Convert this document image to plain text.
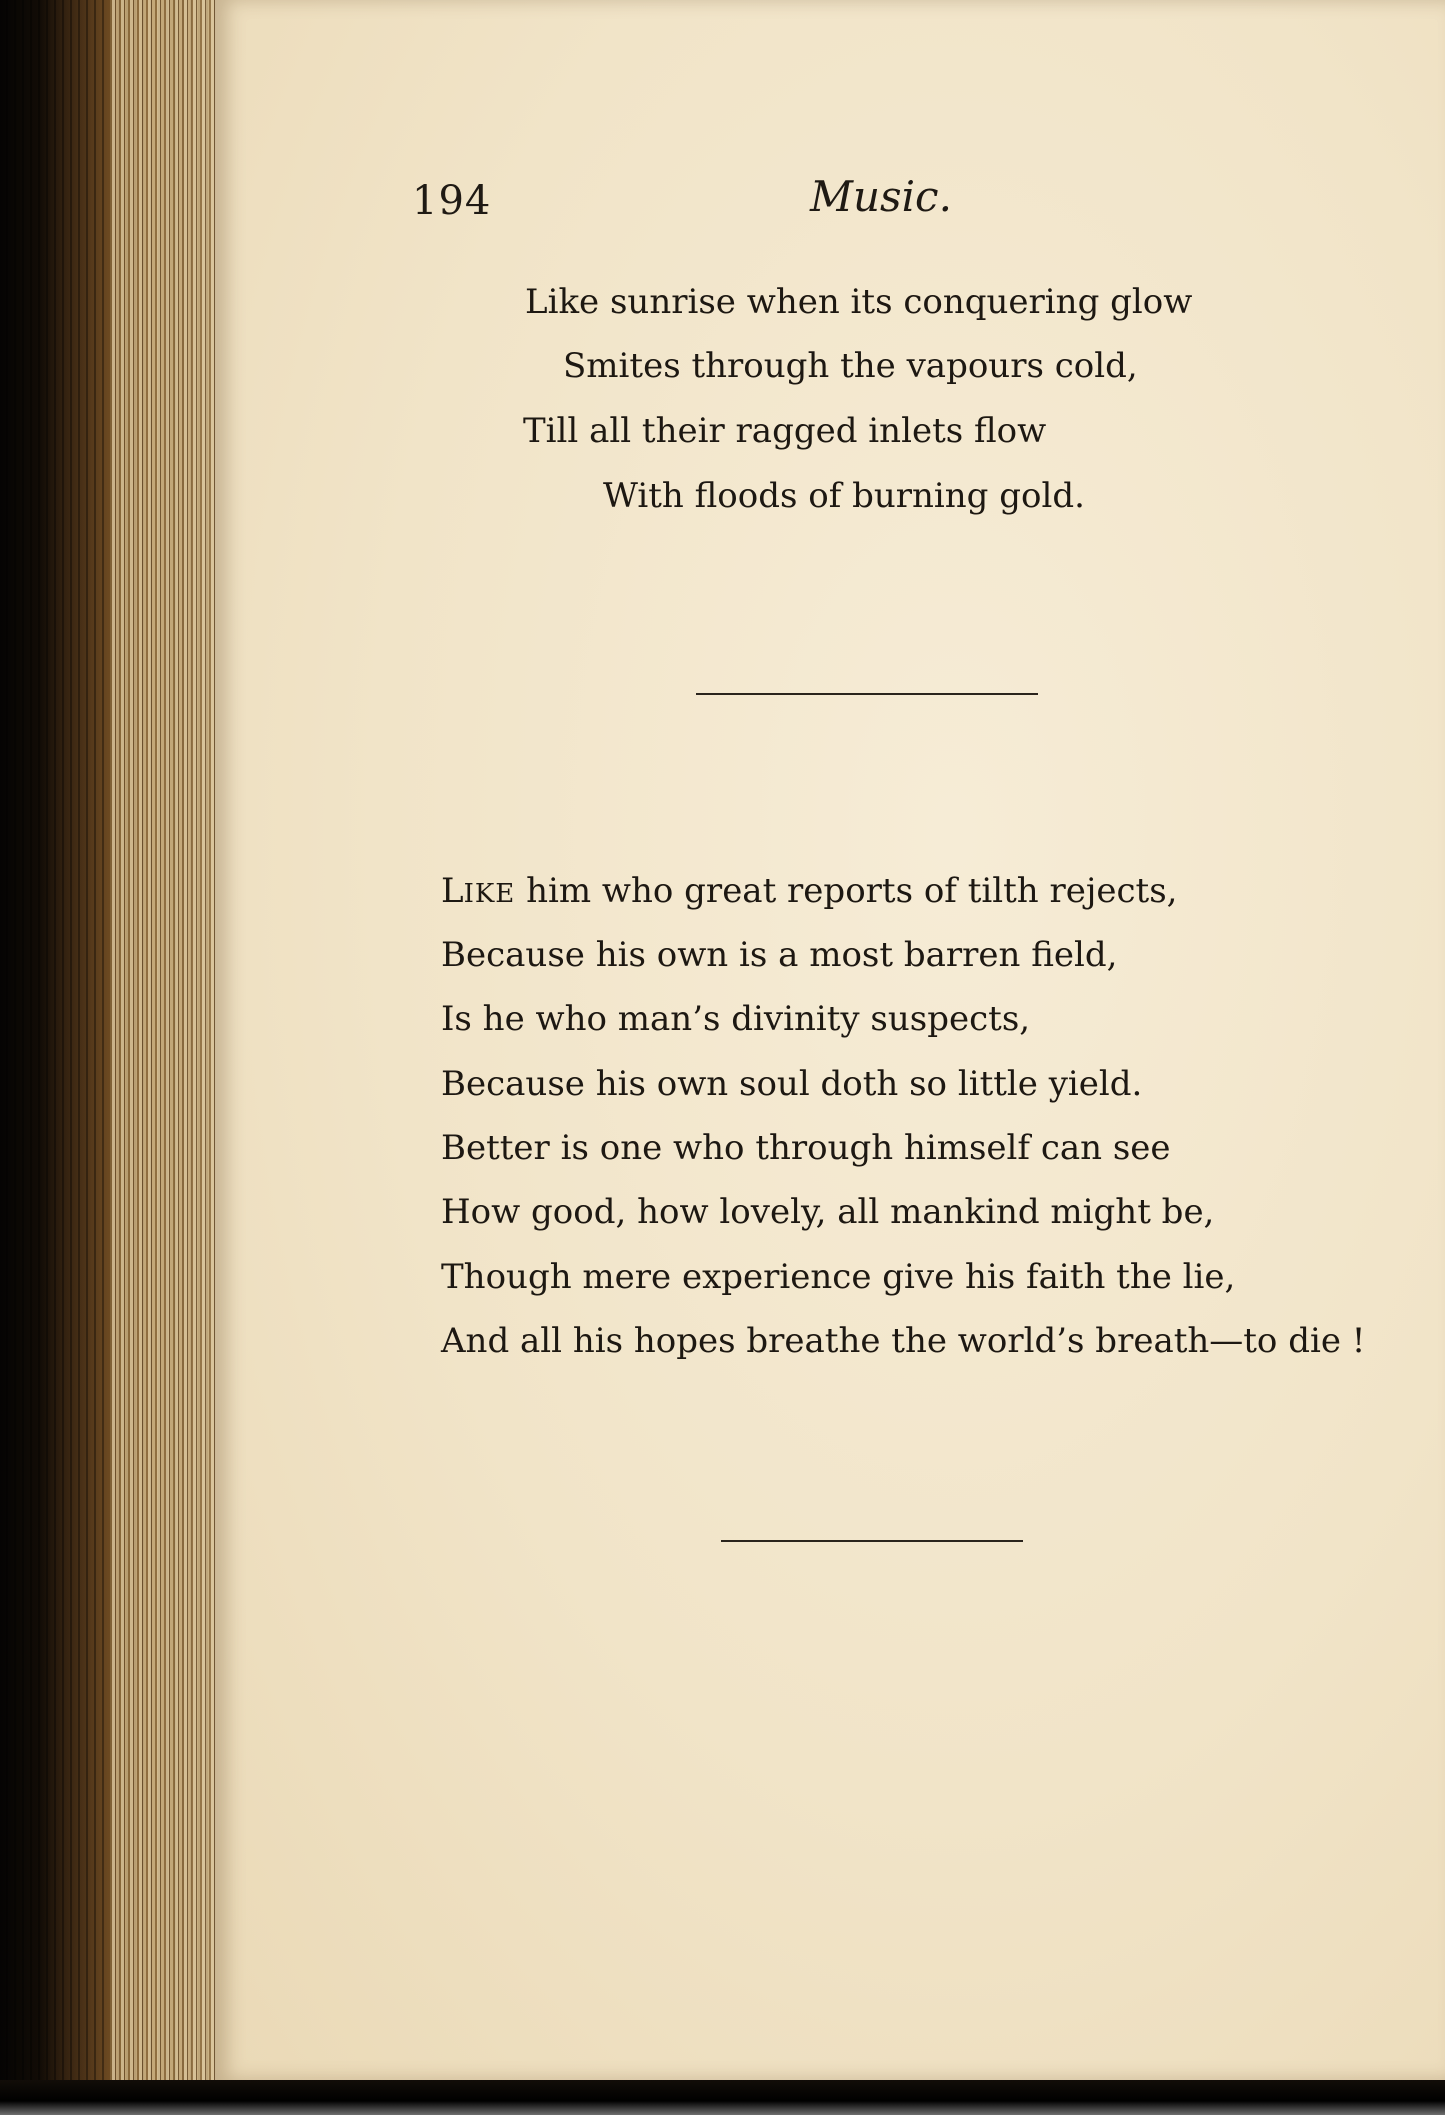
194	Music.
Like sunrise when its conquering glow
Smites through the vapours cold,
Till all their ragged inlets flow
With floods of burning gold.
LIKE him who great reports of tilth rejects,
Because his own is a most barren field,
Is he who man’s divinity suspects,
Because his own soul doth so little yield.
Better is one who through himself can see
How good, how lovely, all mankind might be,
Though mere experience give his faith the lie,
And all his hopes breathe the world’s breath—to die !
